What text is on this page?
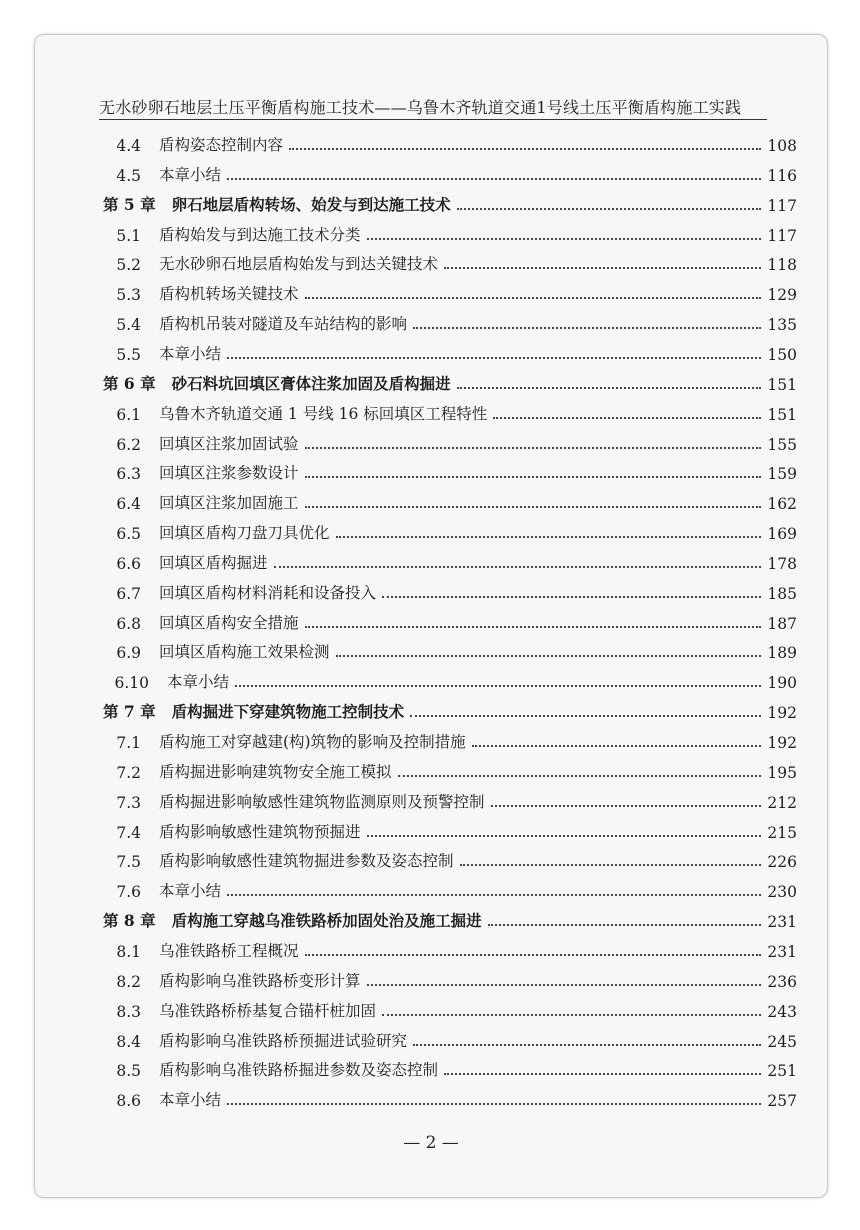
无水砂卵石地层土压平衡盾构施工技术——乌鲁木齐轨道交通1号线土压平衡盾构施工实践
4.4 盾构姿态控制内容	108
4.5 本章小结	116
第 5 章 卵石地层盾构转场、始发与到达施工技术	117
5.1 盾构始发与到达施工技术分类	117
5.2 无水砂卵石地层盾构始发与到达关键技术	118
5.3 盾构机转场关键技术	129
5.4 盾构机吊装对隧道及车站结构的影响	135
5.5 本章小结	150
第 6 章 砂石料坑回填区膏体注浆加固及盾构掘进	151
6.1 乌鲁木齐轨道交通 1 号线 16 标回填区工程特性	151
6.2 回填区注浆加固试验	155
6.3 回填区注浆参数设计	159
6.4 回填区注浆加固施工	162
6.5 回填区盾构刀盘刀具优化	169
6.6 回填区盾构掘进	178
6.7 回填区盾构材料消耗和设备投入	185
6.8 回填区盾构安全措施	187
6.9 回填区盾构施工效果检测	189
6.10 本章小结	190
第 7 章 盾构掘进下穿建筑物施工控制技术	192
7.1 盾构施工对穿越建(构)筑物的影响及控制措施	192
7.2 盾构掘进影响建筑物安全施工模拟	195
7.3 盾构掘进影响敏感性建筑物监测原则及预警控制	212
7.4 盾构影响敏感性建筑物预掘进	215
7.5 盾构影响敏感性建筑物掘进参数及姿态控制	226
7.6 本章小结	230
第 8 章 盾构施工穿越乌准铁路桥加固处治及施工掘进	231
8.1 乌准铁路桥工程概况	231
8.2 盾构影响乌准铁路桥变形计算	236
8.3 乌准铁路桥桥基复合锚杆桩加固	243
8.4 盾构影响乌准铁路桥预掘进试验研究	245
8.5 盾构影响乌准铁路桥掘进参数及姿态控制	251
8.6 本章小结	257
— 2 —
